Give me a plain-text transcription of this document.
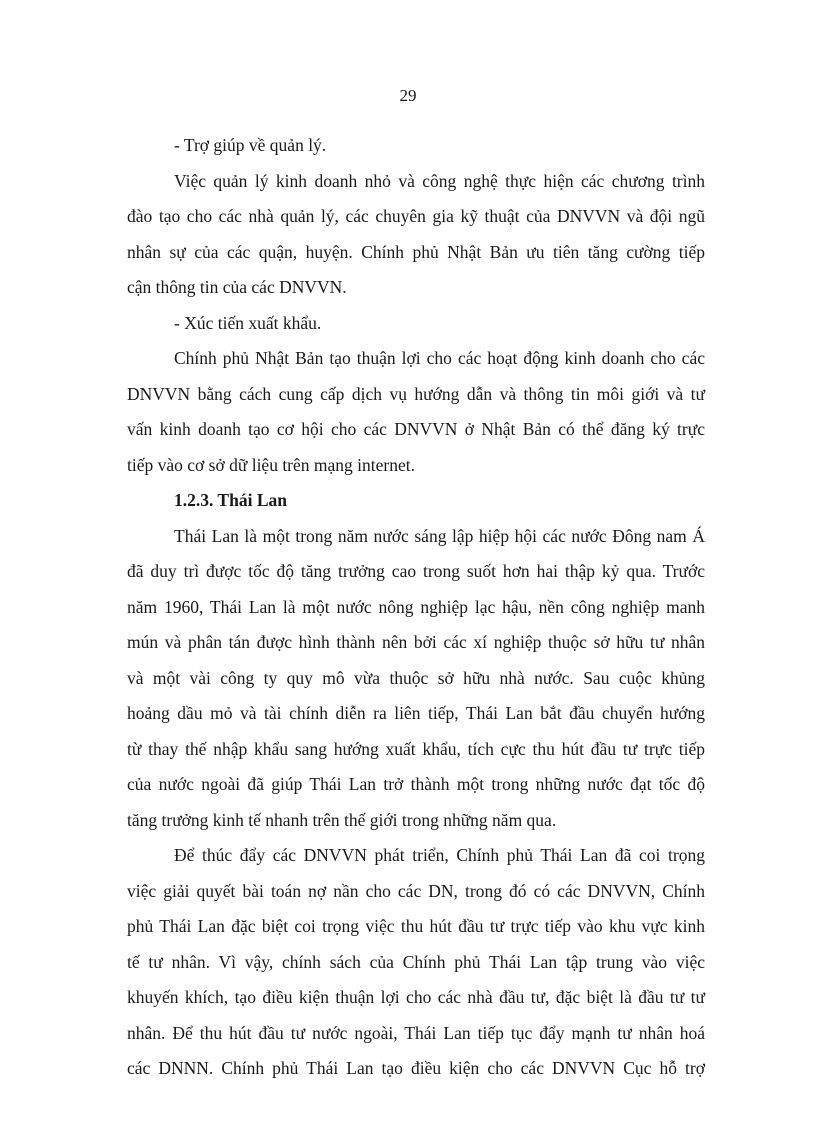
29

- Trợ giúp về quản lý.

Việc quản lý kinh doanh nhỏ và công nghệ thực hiện các chương trình
đào tạo cho các nhà quản lý, các chuyên gia kỹ thuật của DNVVN và đội ngũ
nhân sự của các quận, huyện. Chính phủ Nhật Bản ưu tiên tăng cường tiếp
cận thông tin của các DNVVN.

- Xúc tiến xuất khẩu.

Chính phủ Nhật Bản tạo thuận lợi cho các hoạt động kinh doanh cho các
DNVVN bằng cách cung cấp dịch vụ hướng dẫn và thông tin môi giới và tư
vấn kinh doanh tạo cơ hội cho các DNVVN ở Nhật Bản có thể đăng ký trực
tiếp vào cơ sở dữ liệu trên mạng internet.

1.2.3. Thái Lan

Thái Lan là một trong năm nước sáng lập hiệp hội các nước Đông nam Á
đã duy trì được tốc độ tăng trưởng cao trong suốt hơn hai thập kỷ qua. Trước
năm 1960, Thái Lan là một nước nông nghiệp lạc hậu, nền công nghiệp manh
mún và phân tán được hình thành nên bởi các xí nghiệp thuộc sở hữu tư nhân
và một vài công ty quy mô vừa thuộc sở hữu nhà nước. Sau cuộc khủng
hoảng dầu mỏ và tài chính diễn ra liên tiếp, Thái Lan bắt đầu chuyển hướng
từ thay thế nhập khẩu sang hướng xuất khẩu, tích cực thu hút đầu tư trực tiếp
của nước ngoài đã giúp Thái Lan trở thành một trong những nước đạt tốc độ
tăng trưởng kinh tế nhanh trên thế giới trong những năm qua.

Để thúc đẩy các DNVVN phát triển, Chính phủ Thái Lan đã coi trọng
việc giải quyết bài toán nợ nần cho các DN, trong đó có các DNVVN, Chính
phủ Thái Lan đặc biệt coi trọng việc thu hút đầu tư trực tiếp vào khu vực kinh
tế tư nhân. Vì vậy, chính sách của Chính phủ Thái Lan tập trung vào việc
khuyến khích, tạo điều kiện thuận lợi cho các nhà đầu tư, đặc biệt là đầu tư tư
nhân. Để thu hút đầu tư nước ngoài, Thái Lan tiếp tục đẩy mạnh tư nhân hoá
các DNNN. Chính phủ Thái Lan tạo điều kiện cho các DNVVN Cục hỗ trợ
